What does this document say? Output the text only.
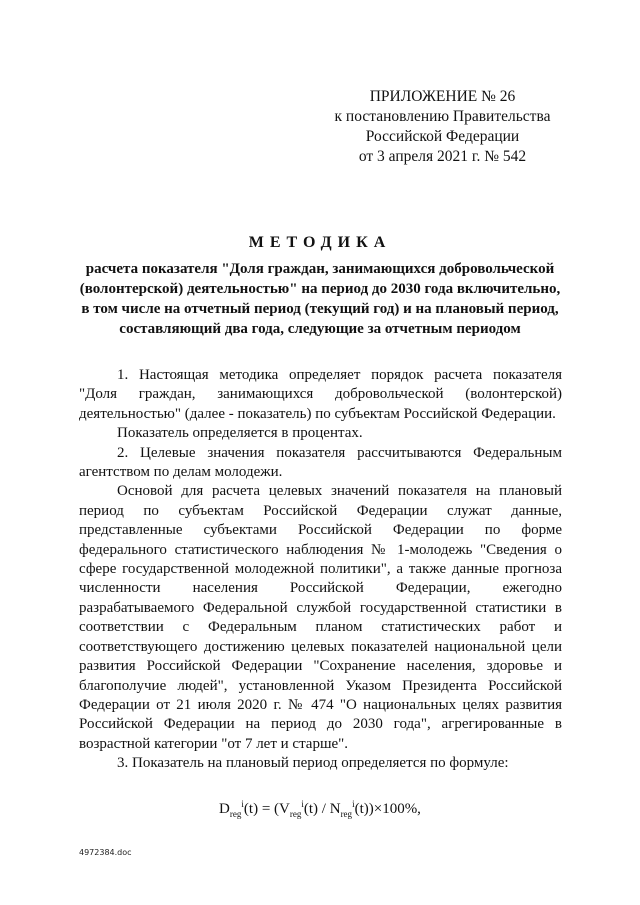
ПРИЛОЖЕНИЕ № 26
к постановлению Правительства
Российской Федерации
от 3 апреля 2021 г. № 542
МЕТОДИКА
расчета показателя "Доля граждан, занимающихся добровольческой
(волонтерской) деятельностью" на период до 2030 года включительно,
в том числе на отчетный период (текущий год) и на плановый период,
составляющий два года, следующие за отчетным периодом

1. Настоящая методика определяет порядок расчета показателя "Доля граждан, занимающихся добровольческой (волонтерской) деятельностью" (далее - показатель) по субъектам Российской Федерации.

Показатель определяется в процентах.

2. Целевые значения показателя рассчитываются Федеральным агентством по делам молодежи.

Основой для расчета целевых значений показателя на плановый период по субъектам Российской Федерации служат данные, представленные субъектами Российской Федерации по форме федерального статистического наблюдения № 1-молодежь "Сведения о сфере государственной молодежной политики", а также данные прогноза численности населения Российской Федерации, ежегодно разрабатываемого Федеральной службой государственной статистики в соответствии с Федеральным планом статистических работ и соответствующего достижению целевых показателей национальной цели развития Российской Федерации "Сохранение населения, здоровье и благополучие людей", установленной Указом Президента Российской Федерации от 21 июля 2020 г. № 474 "О национальных целях развития Российской Федерации на период до 2030 года", агрегированные в возрастной категории "от 7 лет и старше".

3. Показатель на плановый период определяется по формуле:

$D_{reg}^i(t) = (V_{reg}^i(t) / N_{reg}^i(t))\times 100\%$,
4972384.doc
